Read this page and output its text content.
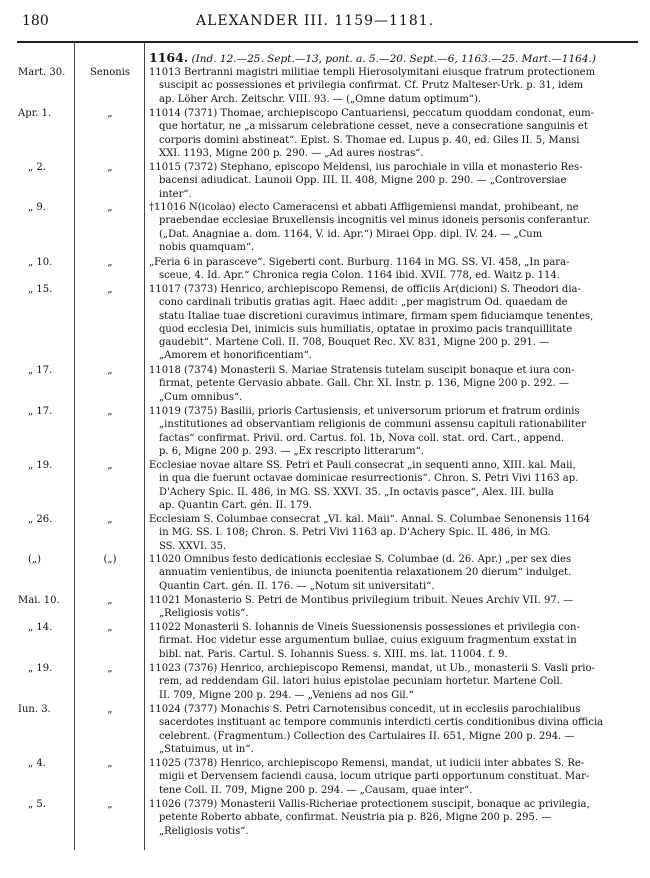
180	ALEXANDER III. 1159—1181.
1164. (Ind. 12.—25. Sept.—13, pont. a. 5.—20. Sept.—6, 1163.—25. Mart.—1164.)
Mart. 30.	Senonis	11013 Bertranni magistri militiae templi Hierosolymitani eiusque fratrum protectionem
suscipit ac possessiones et privilegia confirmat. Cf. Prutz Malteser-Urk. p. 31, idem
ap. Löher Arch. Zeitschr. VIII. 93. — („Omne datum optimum“).
Apr. 1.	„	11014 (7371) Thomae, archiepiscopo Cantuariensi, peccatum quoddam condonat, eum-
que hortatur, ne „a missarum celebratione cesset, neve a consecratione sanguinis et
corporis domini abstineat“. Epist. S. Thomae ed. Lupus p. 40, ed. Giles II. 5, Mansi
XXI. 1193, Migne 200 p. 290. — „Ad aures nostras“.
„ 2.	„	11015 (7372) Stephano, episcopo Meldensi, ius parochiale in villa et monasterio Res-
bacensi adiudicat. Launoii Opp. III. II. 408, Migne 200 p. 290. — „Controversiae
inter“.
„ 9.	„	†11016 N(icolao) electo Cameracensi et abbati Affligemiensi mandat, prohibeant, ne
praebendae ecclesiae Bruxellensis incognitis vel minus idoneis personis conferantur.
(„Dat. Anagniae a. dom. 1164, V. id. Apr.“) Miraei Opp. dipl. IV. 24. — „Cum
nobis quamquam“.
„ 10.	„	„Feria 6 in parasceve“. Sigeberti cont. Burburg. 1164 in MG. SS. VI. 458, „In para-
sceue, 4. Id. Apr.“ Chronica regia Colon. 1164 ibid. XVII. 778, ed. Waitz p. 114.
„ 15.	„	11017 (7373) Henrico, archiepiscopo Remensi, de officiis Ar(dicioni) S. Theodori dia-
cono cardinali tributis gratias agit. Haec addit: „per magistrum Od. quaedam de
statu Italiae tuae discretioni curavimus intimare, firmam spem fiduciamque tenentes,
quod ecclesia Dei, inimicis suis humiliatis, optatae in proximo pacis tranquillitate
gaudebit“. Martene Coll. II. 708, Bouquet Rec. XV. 831, Migne 200 p. 291. —
„Amorem et honorificentiam“.
„ 17.	„	11018 (7374) Monasterii S. Mariae Stratensis tutelam suscipit bonaque et iura con-
firmat, petente Gervasio abbate. Gall. Chr. XI. Instr. p. 136, Migne 200 p. 292. —
„Cum omnibus“.
„ 17.	„	11019 (7375) Basilii, prioris Cartusiensis, et universorum priorum et fratrum ordinis
„institutiones ad observantiam religionis de communi assensu capituli rationabiliter
factas“ confirmat. Privil. ord. Cartus. fol. 1b, Nova coll. stat. ord. Cart., append.
p. 6, Migne 200 p. 293. — „Ex rescripto litterarum“.
„ 19.	„	Ecclesiae novae altare SS. Petri et Pauli consecrat „in sequenti anno, XIII. kal. Maii,
in qua die fuerunt octavae dominicae resurrectionis“. Chron. S. Petri Vivi 1163 ap.
D'Achery Spic. II. 486, in MG. SS. XXVI. 35. „In octavis pasce“, Alex. III. bulla
ap. Quantin Cart. gén. II. 179.
„ 26.	„	Ecclesiam S. Columbae consecrat „VI. kal. Maii“. Annal. S. Columbae Senonensis 1164
in MG. SS. I. 108; Chron. S. Petri Vivi 1163 ap. D'Achery Spic. II. 486, in MG.
SS. XXVI. 35.
(„)	(„)	11020 Omnibus festo dedicationis ecclesiae S. Columbae (d. 26. Apr.) „per sex dies
annuatim venientibus, de iniuncta poenitentia relaxationem 20 dierum“ indulget.
Quantin Cart. gén. II. 176. — „Notum sit universitati“.
Mai. 10.	„	11021 Monasterio S. Petri de Montibus privilegium tribuit. Neues Archiv VII. 97. —
„Religiosis votis“.
„ 14.	„	11022 Monasterii S. Iohannis de Vineis Suessionensis possessiones et privilegia con-
firmat. Hoc videtur esse argumentum bullae, cuius exiguum fragmentum exstat in
bibl. nat. Paris. Cartul. S. Iohannis Suess. s. XIII. ms. lat. 11004. f. 9.
„ 19.	„	11023 (7376) Henrico, archiepiscopo Remensi, mandat, ut Ub., monasterii S. Vasli prio-
rem, ad reddendam Gil. latori huius epistolae pecuniam hortetur. Martene Coll.
II. 709, Migne 200 p. 294. — „Veniens ad nos Gil.“
Iun. 3.	„	11024 (7377) Monachis S. Petri Carnotensibus concedit, ut in ecclesiis parochialibus
sacerdotes instituant ac tempore communis interdicti certis conditionibus divina officia
celebrent. (Fragmentum.) Collection des Cartulaires II. 651, Migne 200 p. 294. —
„Statuimus, ut in“.
„ 4.	„	11025 (7378) Henrico, archiepiscopo Remensi, mandat, ut iudicii inter abbates S. Re-
migii et Dervensem faciendi causa, locum utrique parti opportunum constituat. Mar-
tene Coll. II. 709, Migne 200 p. 294. — „Causam, quae inter“.
„ 5.	„	11026 (7379) Monasterii Vallis-Richeriae protectionem suscipit, bonaque ac privilegia,
petente Roberto abbate, confirmat. Neustria pia p. 826, Migne 200 p. 295. —
„Religiosis votis“.
